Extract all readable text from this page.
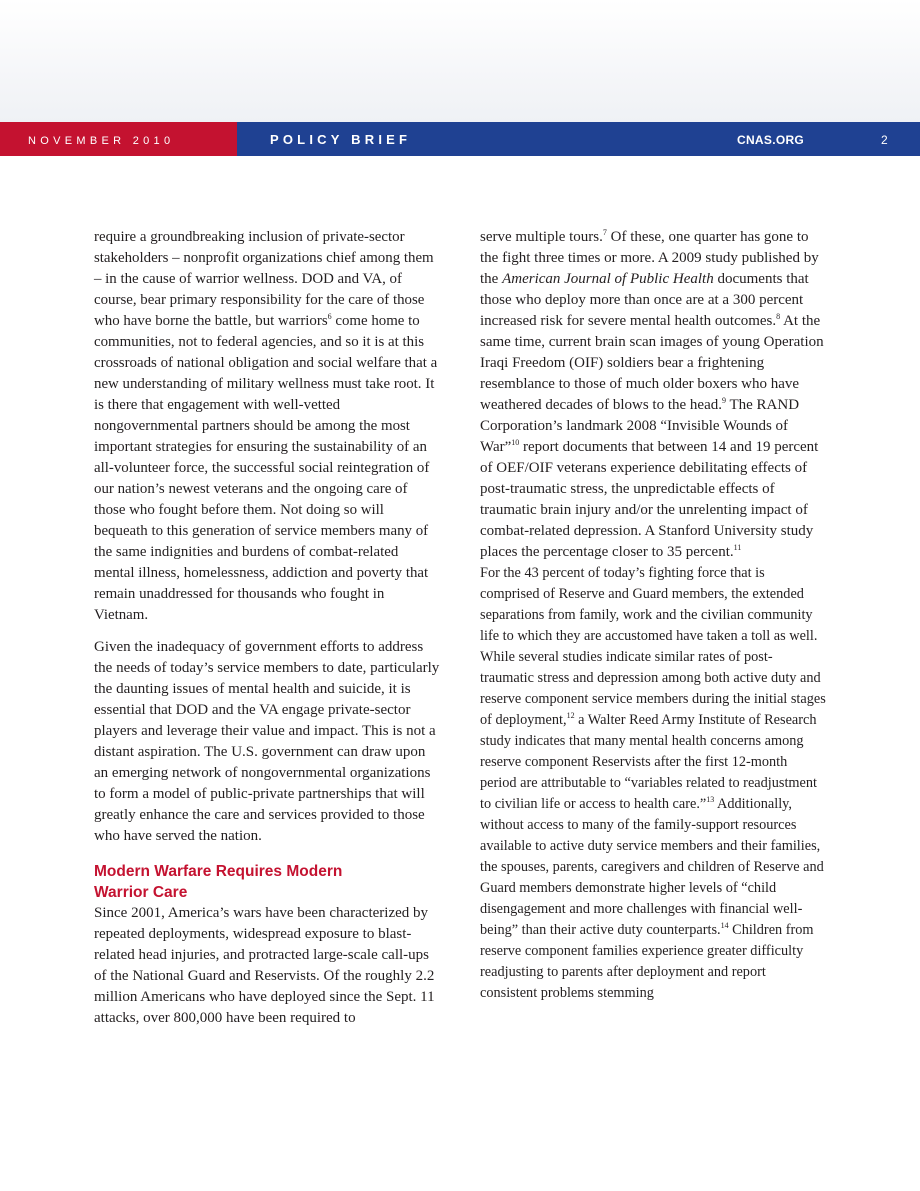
NOVEMBER 2010	POLICY BRIEF	CNAS.ORG	2

require a groundbreaking inclusion of private-sector stakeholders – nonprofit organizations chief among them – in the cause of warrior wellness. DOD and VA, of course, bear primary responsibility for the care of those who have borne the battle, but warriors$^6$ come home to communities, not to federal agencies, and so it is at this crossroads of national obligation and social welfare that a new understanding of military wellness must take root. It is there that engagement with well-vetted nongovernmental partners should be among the most important strategies for ensuring the sustainability of an all-volunteer force, the successful social reintegration of our nation’s newest veterans and the ongoing care of those who fought before them. Not doing so will bequeath to this generation of service members many of the same indignities and burdens of combat-related mental illness, homelessness, addiction and poverty that remain unaddressed for thousands who fought in Vietnam.

Given the inadequacy of government efforts to address the needs of today’s service members to date, particularly the daunting issues of mental health and suicide, it is essential that DOD and the VA engage private-sector players and leverage their value and impact. This is not a distant aspiration. The U.S. government can draw upon an emerging network of nongovernmental organizations to form a model of public-private partnerships that will greatly enhance the care and services provided to those who have served the nation.

Modern Warfare Requires Modern
Warrior Care

Since 2001, America’s wars have been characterized by repeated deployments, widespread exposure to blast-related head injuries, and protracted large-scale call-ups of the National Guard and Reservists. Of the roughly 2.2 million Americans who have deployed since the Sept. 11 attacks, over 800,000 have been required to

serve multiple tours.$^7$ Of these, one quarter has gone to the fight three times or more. A 2009 study published by the American Journal of Public Health documents that those who deploy more than once are at a 300 percent increased risk for severe mental health outcomes.$^8$ At the same time, current brain scan images of young Operation Iraqi Freedom (OIF) soldiers bear a frightening resemblance to those of much older boxers who have weathered decades of blows to the head.$^9$ The RAND Corporation’s landmark 2008 “Invisible Wounds of War”$^{10}$ report documents that between 14 and 19 percent of OEF/OIF veterans experience debilitating effects of post-traumatic stress, the unpredictable effects of traumatic brain injury and/or the unrelenting impact of combat-related depression. A Stanford University study places the percentage closer to 35 percent.$^{11}$

For the 43 percent of today’s fighting force that is comprised of Reserve and Guard members, the extended separations from family, work and the civilian community life to which they are accustomed have taken a toll as well. While several studies indicate similar rates of post-traumatic stress and depression among both active duty and reserve component service members during the initial stages of deployment,$^{12}$ a Walter Reed Army Institute of Research study indicates that many mental health concerns among reserve component Reservists after the first 12-month period are attributable to “variables related to readjustment to civilian life or access to health care.”$^{13}$ Additionally, without access to many of the family-support resources available to active duty service members and their families, the spouses, parents, caregivers and children of Reserve and Guard members demonstrate higher levels of “child disengagement and more challenges with financial well-being” than their active duty counterparts.$^{14}$ Children from reserve component families experience greater difficulty readjusting to parents after deployment and report consistent problems stemming
